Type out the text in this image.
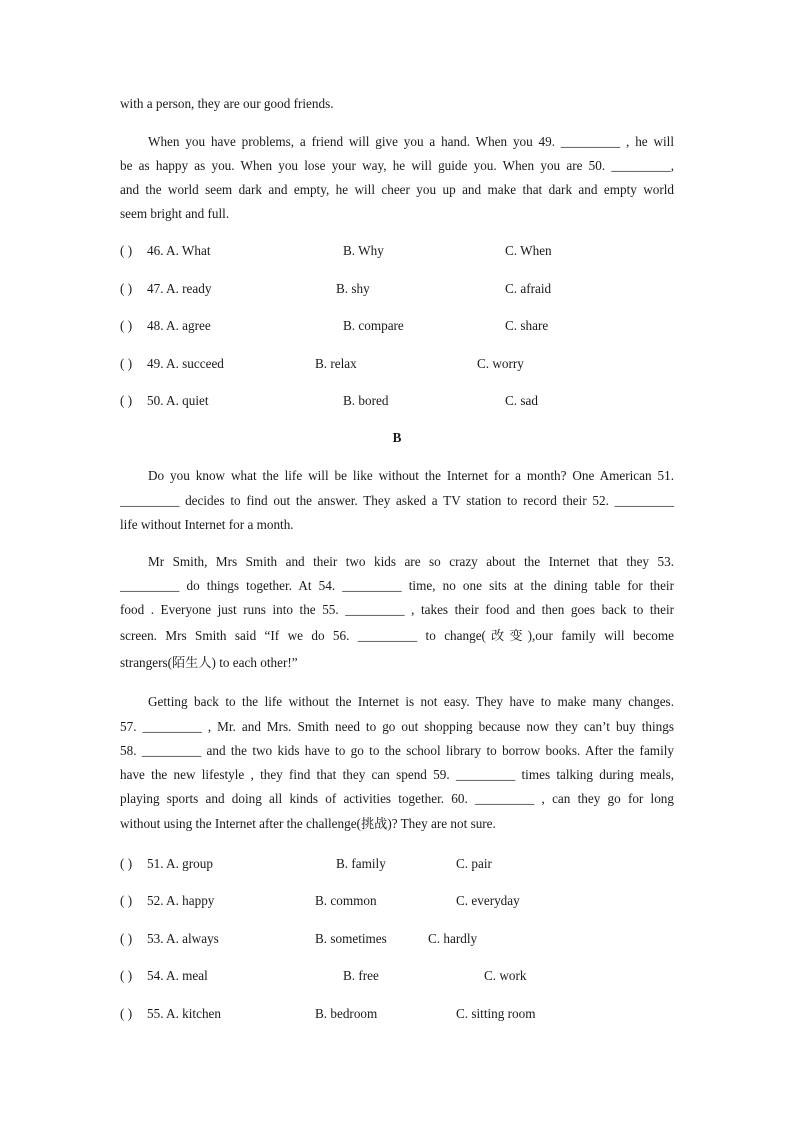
with a person, they are our good friends.
When you have problems, a friend will give you a hand. When you 49. _________ , he will
be as happy as you. When you lose your way, he will guide you. When you are 50. _________,
and the world seem dark and empty, he will cheer you up and make that dark and empty world
seem bright and full.
( ) 46. A. What	B. Why	C. When
( ) 47. A. ready	B. shy	C. afraid
( ) 48. A. agree	B. compare	C. share
( ) 49. A. succeed	B. relax	C. worry
( ) 50. A. quiet	B. bored	C. sad
B
Do you know what the life will be like without the Internet for a month? One American 51.
_________ decides to find out the answer. They asked a TV station to record their 52. _________
life without Internet for a month.
Mr Smith, Mrs Smith and their two kids are so crazy about the Internet that they 53.
_________ do things together. At 54. _________ time, no one sits at the dining table for their
food . Everyone just runs into the 55. _________ , takes their food and then goes back to their
screen. Mrs Smith said “If we do 56. _________ to change(改变),our family will become
strangers(陌生人) to each other!”
Getting back to the life without the Internet is not easy. They have to make many changes.
57. _________ , Mr. and Mrs. Smith need to go out shopping because now they can’t buy things
58. _________ and the two kids have to go to the school library to borrow books. After the family
have the new lifestyle , they find that they can spend 59. _________ times talking during meals,
playing sports and doing all kinds of activities together. 60. _________ , can they go for long
without using the Internet after the challenge(挑战)? They are not sure.
( ) 51. A. group	B. family	C. pair
( ) 52. A. happy	B. common	C. everyday
( ) 53. A. always	B. sometimes	C. hardly
( ) 54. A. meal	B. free	C. work
( ) 55. A. kitchen	B. bedroom	C. sitting room
